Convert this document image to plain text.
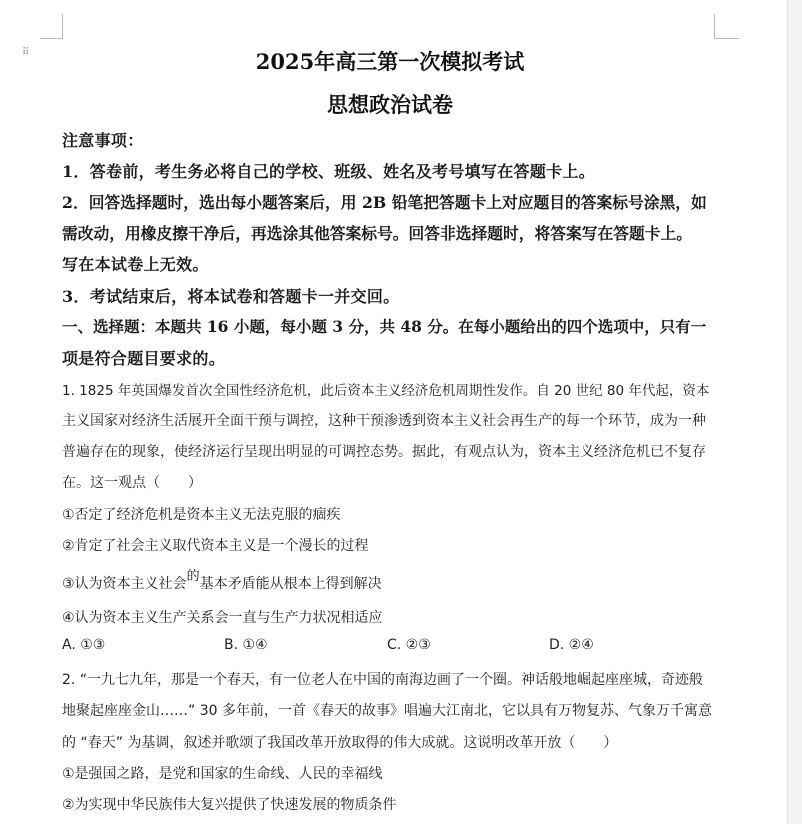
⠿	2025年高三第一次模拟考试
思想政治试卷
注意事项：
1．答卷前，考生务必将自己的学校、班级、姓名及考号填写在答题卡上。
2．回答选择题时，选出每小题答案后，用 2B 铅笔把答题卡上对应题目的答案标号涂黑，如
需改动，用橡皮擦干净后，再选涂其他答案标号。回答非选择题时，将答案写在答题卡上。
写在本试卷上无效。
3．考试结束后，将本试卷和答题卡一并交回。
一、选择题：本题共 16 小题，每小题 3 分，共 48 分。在每小题给出的四个选项中，只有一
项是符合题目要求的。
1. 1825 年英国爆发首次全国性经济危机，此后资本主义经济危机周期性发作。自 20 世纪 80 年代起，资本
主义国家对经济生活展开全面干预与调控，这种干预渗透到资本主义社会再生产的每一个环节，成为一种
普遍存在的现象，使经济运行呈现出明显的可调控态势。据此，有观点认为，资本主义经济危机已不复存
在。这一观点（　　）
①否定了经济危机是资本主义无法克服的痼疾
②肯定了社会主义取代资本主义是一个漫长的过程
③认为资本主义社会的基本矛盾能从根本上得到解决
④认为资本主义生产关系会一直与生产力状况相适应
A. ①③	B. ①④	C. ②③	D. ②④
2. “一九七九年，那是一个春天，有一位老人在中国的南海边画了一个圈。神话般地崛起座座城，奇迹般
地聚起座座金山……” 30 多年前，一首《春天的故事》唱遍大江南北，它以具有万物复苏、气象万千寓意
的 “春天” 为基调，叙述并歌颂了我国改革开放取得的伟大成就。这说明改革开放（　　）
①是强国之路，是党和国家的生命线、人民的幸福线
②为实现中华民族伟大复兴提供了快速发展的物质条件
